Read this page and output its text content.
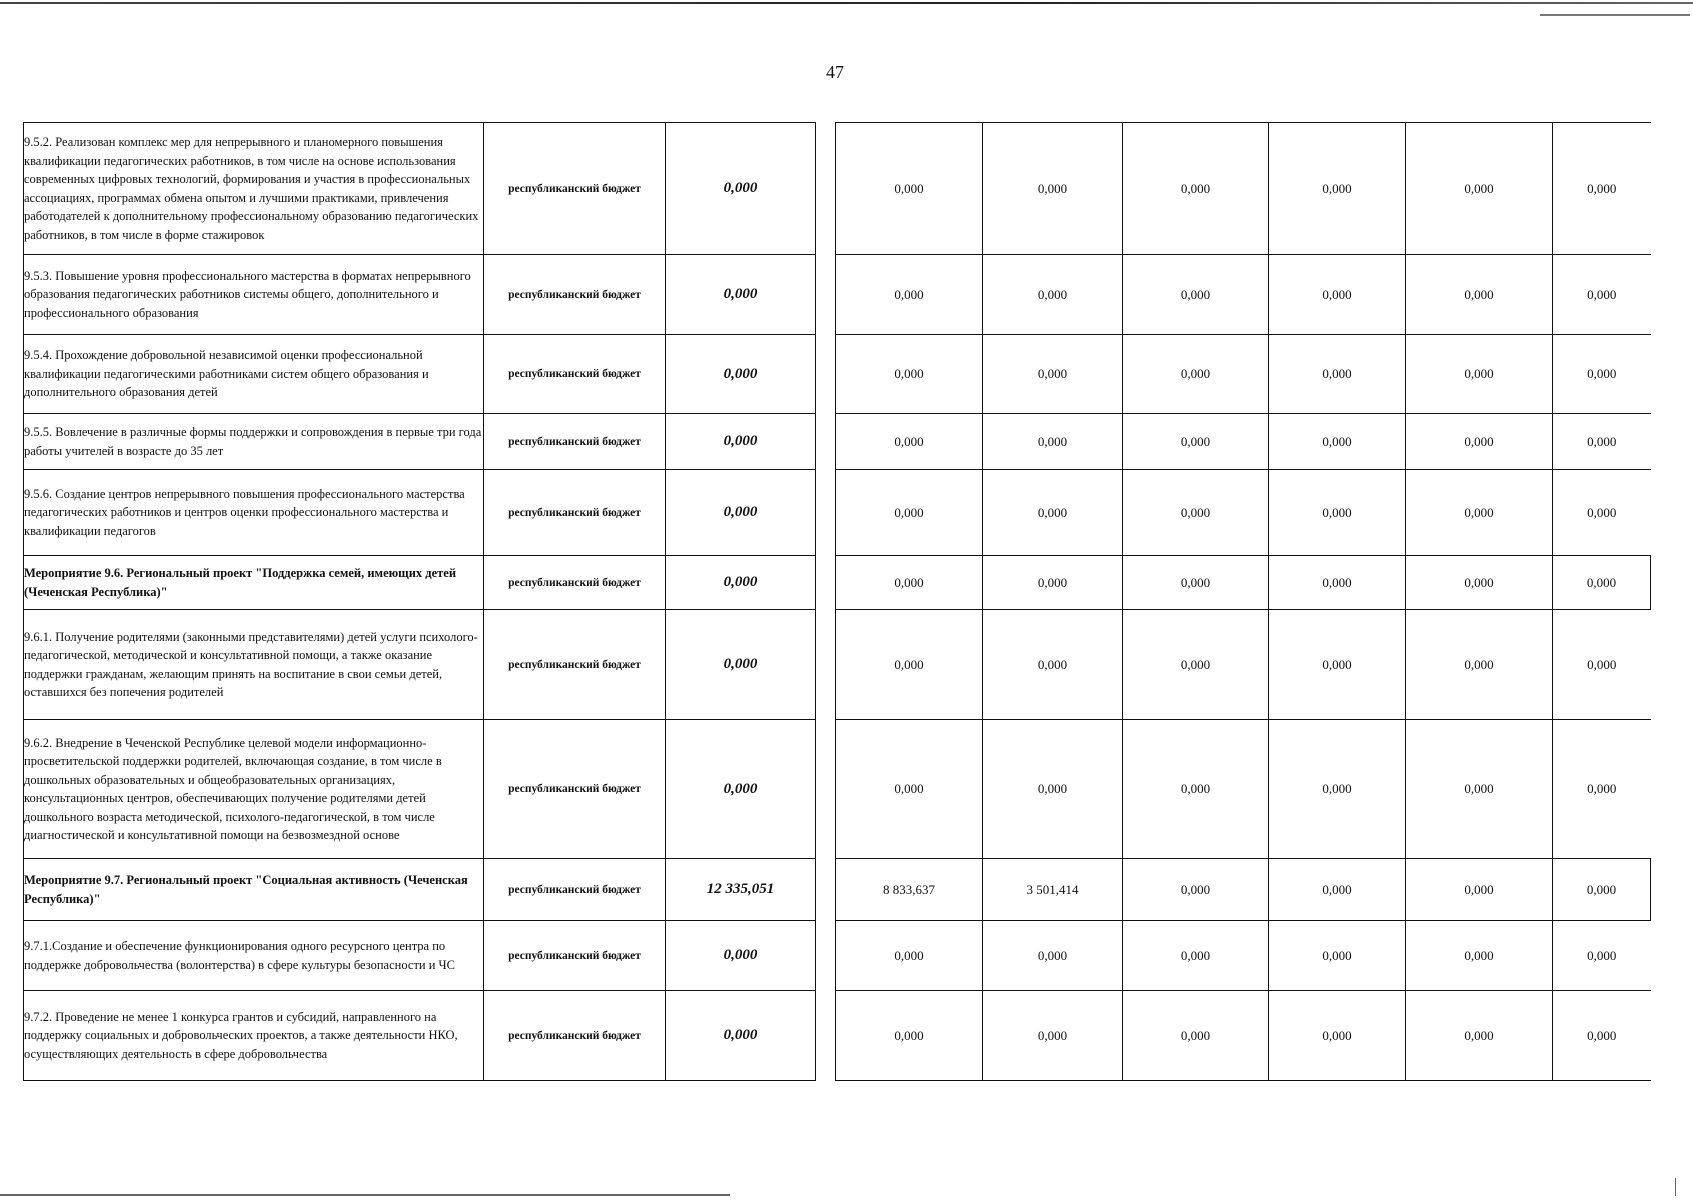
47
9.5.2. Реализован комплекс мер для непрерывного и планомерного повышения квалификации педагогических работников, в том числе на основе использования современных цифровых технологий, формирования и участия в профессиональных ассоциациях, программах обмена опытом и лучшими практиками, привлечения работодателей к дополнительному профессиональному образованию педагогических работников, в том числе в форме стажировок	республиканский бюджет	0,000		0,000	0,000	0,000	0,000	0,000	0,000
9.5.3. Повышение уровня профессионального мастерства в форматах непрерывного образования педагогических работников системы общего, дополнительного и профессионального образования	республиканский бюджет	0,000		0,000	0,000	0,000	0,000	0,000	0,000
9.5.4. Прохождение добровольной независимой оценки профессиональной квалификации педагогическими работниками систем общего образования и дополнительного образования детей	республиканский бюджет	0,000		0,000	0,000	0,000	0,000	0,000	0,000
9.5.5. Вовлечение в различные формы поддержки и сопровождения в первые три года работы учителей в возрасте до 35 лет	республиканский бюджет	0,000		0,000	0,000	0,000	0,000	0,000	0,000
9.5.6. Создание центров непрерывного повышения профессионального мастерства педагогических работников и центров оценки профессионального мастерства и квалификации педагогов	республиканский бюджет	0,000		0,000	0,000	0,000	0,000	0,000	0,000
Мероприятие 9.6. Региональный проект "Поддержка семей, имеющих детей (Чеченская Республика)"	республиканский бюджет	0,000		0,000	0,000	0,000	0,000	0,000	0,000
9.6.1. Получение родителями (законными представителями) детей услуги психолого-педагогической, методической и консультативной помощи, а также оказание поддержки гражданам, желающим принять на воспитание в свои семьи детей, оставшихся без попечения родителей	республиканский бюджет	0,000		0,000	0,000	0,000	0,000	0,000	0,000
9.6.2. Внедрение в Чеченской Республике целевой модели информационно-просветительской поддержки родителей, включающая создание, в том числе в дошкольных образовательных и общеобразовательных организациях, консультационных центров, обеспечивающих получение родителями детей дошкольного возраста методической, психолого-педагогической, в том числе диагностической и консультативной помощи на безвозмездной основе	республиканский бюджет	0,000		0,000	0,000	0,000	0,000	0,000	0,000
Мероприятие 9.7. Региональный проект "Социальная активность (Чеченская Республика)"	республиканский бюджет	12 335,051		8 833,637	3 501,414	0,000	0,000	0,000	0,000
9.7.1.Создание и обеспечение функционирования одного ресурсного центра по поддержке добровольчества (волонтерства) в сфере культуры безопасности и ЧС	республиканский бюджет	0,000		0,000	0,000	0,000	0,000	0,000	0,000
9.7.2. Проведение не менее 1 конкурса грантов и субсидий, направленного на поддержку социальных и добровольческих проектов, а также деятельности НКО, осуществляющих деятельность в сфере добровольчества	республиканский бюджет	0,000		0,000	0,000	0,000	0,000	0,000	0,000
